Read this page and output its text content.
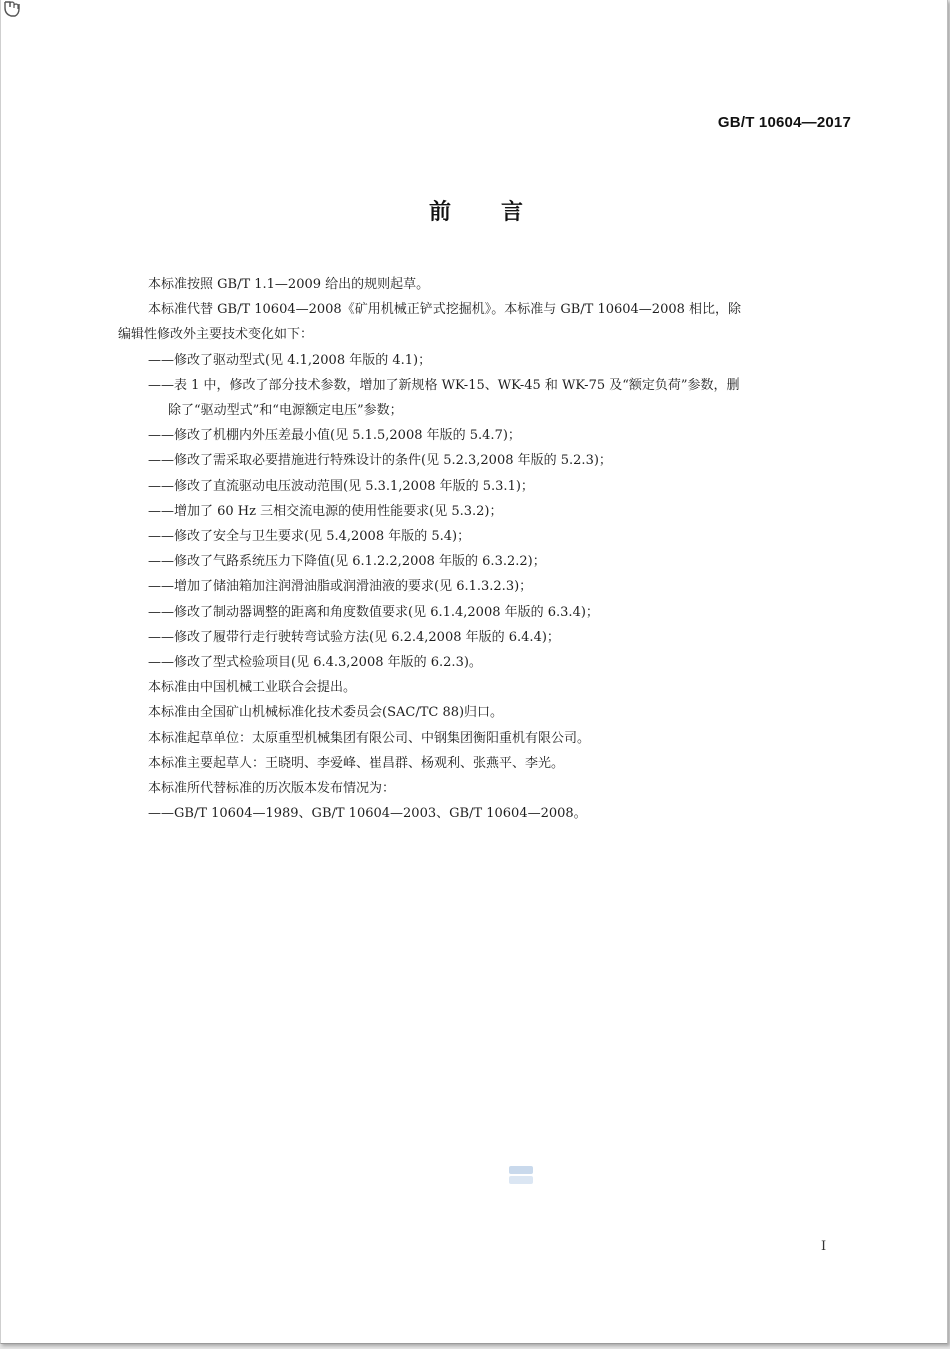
GB/T 10604—2017
前言
本标准按照 GB/T 1.1—2009 给出的规则起草。
本标准代替 GB/T 10604—2008《矿用机械正铲式挖掘机》。本标准与 GB/T 10604—2008 相比，除
编辑性修改外主要技术变化如下：
——修改了驱动型式(见 4.1,2008 年版的 4.1)；
——表 1 中，修改了部分技术参数，增加了新规格 WK-15、WK-45 和 WK-75 及“额定负荷”参数，删
除了“驱动型式”和“电源额定电压”参数；
——修改了机棚内外压差最小值(见 5.1.5,2008 年版的 5.4.7)；
——修改了需采取必要措施进行特殊设计的条件(见 5.2.3,2008 年版的 5.2.3)；
——修改了直流驱动电压波动范围(见 5.3.1,2008 年版的 5.3.1)；
——增加了 60 Hz 三相交流电源的使用性能要求(见 5.3.2)；
——修改了安全与卫生要求(见 5.4,2008 年版的 5.4)；
——修改了气路系统压力下降值(见 6.1.2.2,2008 年版的 6.3.2.2)；
——增加了储油箱加注润滑油脂或润滑油液的要求(见 6.1.3.2.3)；
——修改了制动器调整的距离和角度数值要求(见 6.1.4,2008 年版的 6.3.4)；
——修改了履带行走行驶转弯试验方法(见 6.2.4,2008 年版的 6.4.4)；
——修改了型式检验项目(见 6.4.3,2008 年版的 6.2.3)。
本标准由中国机械工业联合会提出。
本标准由全国矿山机械标准化技术委员会(SAC/TC 88)归口。
本标准起草单位：太原重型机械集团有限公司、中钢集团衡阳重机有限公司。
本标准主要起草人：王晓明、李爱峰、崔昌群、杨观利、张燕平、李光。
本标准所代替标准的历次版本发布情况为：
——GB/T 10604—1989、GB/T 10604—2003、GB/T 10604—2008。
I
